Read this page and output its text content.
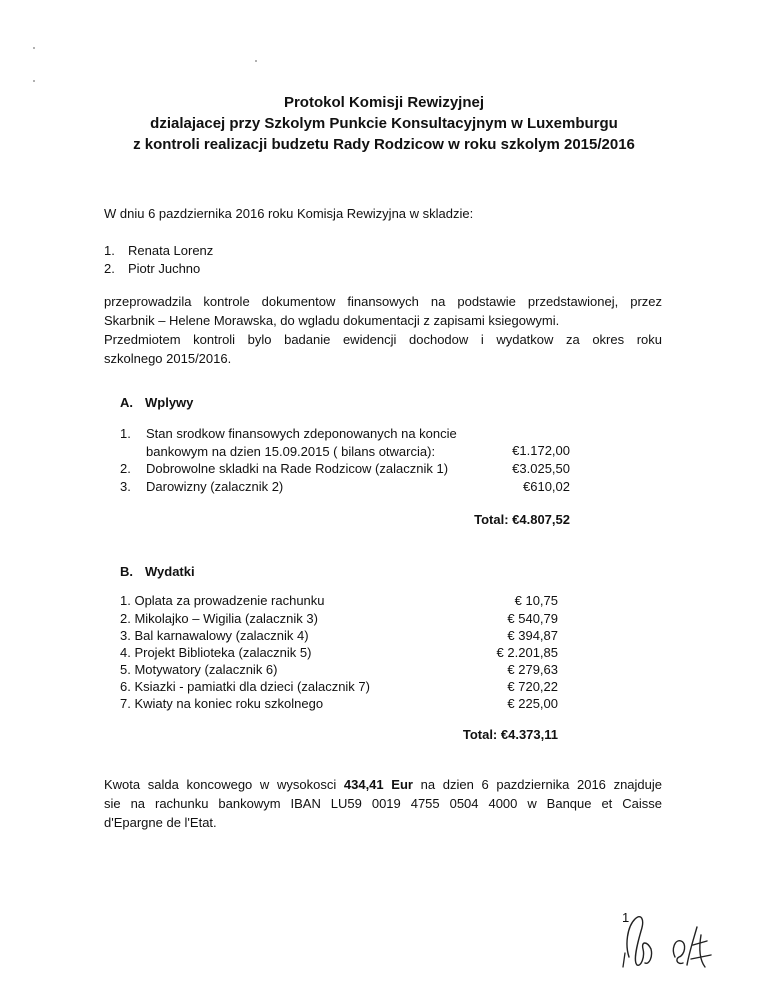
Protokol Komisji Rewizyjnej
dzialajacej przy Szkolym Punkcie Konsultacyjnym w Luxemburgu
z kontroli realizacji budzetu Rady Rodzicow w roku szkolym 2015/2016
W dniu 6 pazdziernika 2016 roku Komisja Rewizyjna w skladzie:
1. Renata Lorenz
2. Piotr Juchno
przeprowadzila kontrole dokumentow finansowych na podstawie przedstawionej, przez
Skarbnik – Helene Morawska, do wgladu dokumentacji z zapisami ksiegowymi.
Przedmiotem kontroli bylo badanie ewidencji dochodow i wydatkow za okres roku
szkolnego 2015/2016.
A. Wplywy
1. Stan srodkow finansowych zdeponowanych na koncie
bankowym na dzien 15.09.2015 ( bilans otwarcia):	€1.172,00
2. Dobrowolne skladki na Rade Rodzicow (zalacznik 1)	€3.025,50
3. Darowizny (zalacznik 2)	€610,02
Total: €4.807,52
B. Wydatki
1. Oplata za prowadzenie rachunku	€ 10,75
2. Mikolajko – Wigilia (zalacznik 3)	€ 540,79
3. Bal karnawalowy (zalacznik 4)	€ 394,87
4. Projekt Biblioteka (zalacznik 5)	€ 2.201,85
5. Motywatory (zalacznik 6)	€ 279,63
6. Ksiazki - pamiatki dla dzieci (zalacznik 7)	€ 720,22
7. Kwiaty na koniec roku szkolnego	€ 225,00
Total: €4.373,11
Kwota salda koncowego w wysokosci 434,41 Eur na dzien 6 pazdziernika 2016 znajduje
sie na rachunku bankowym IBAN LU59 0019 4755 0504 4000 w Banque et Caisse
d'Epargne de l'Etat.
1
